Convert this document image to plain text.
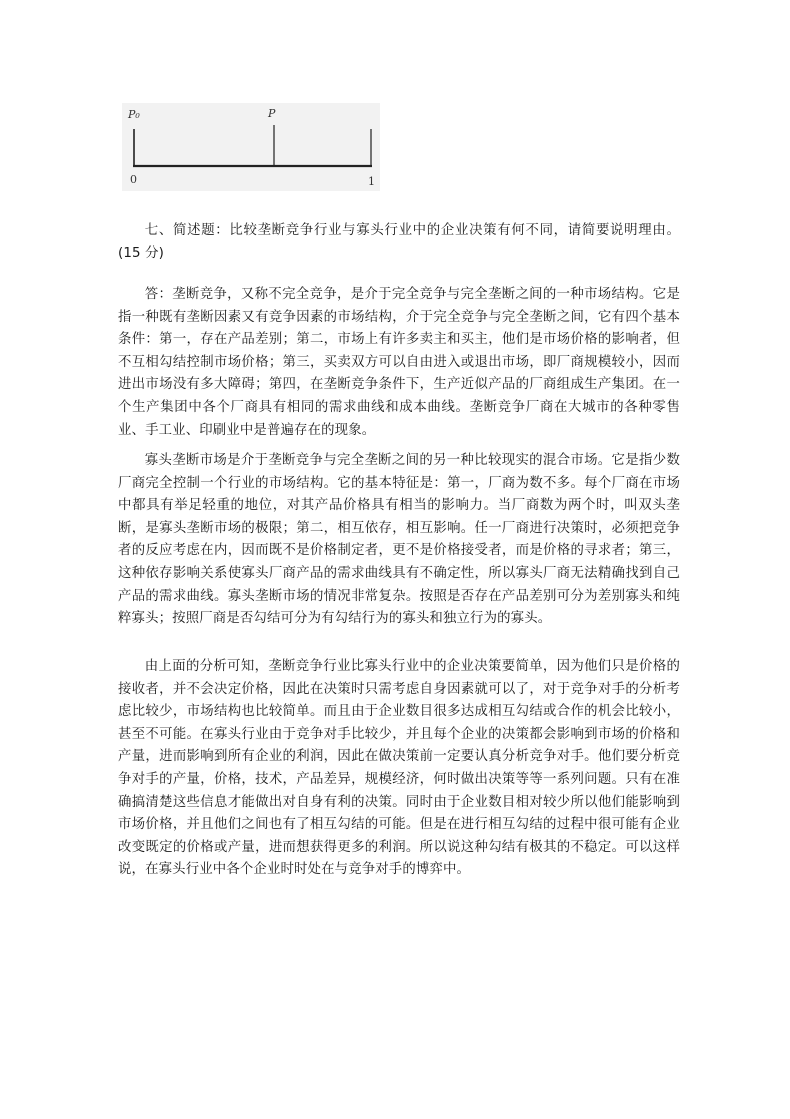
P₀	P
0	1

七、简述题：比较垄断竞争行业与寡头行业中的企业决策有何不同，请简要说明理由。(15 分)

答：垄断竞争，又称不完全竞争，是介于完全竞争与完全垄断之间的一种市场结构。它是指一种既有垄断因素又有竞争因素的市场结构，介于完全竞争与完全垄断之间，它有四个基本条件：第一，存在产品差别；第二，市场上有许多卖主和买主，他们是市场价格的影响者，但不互相勾结控制市场价格；第三，买卖双方可以自由进入或退出市场，即厂商规模较小，因而进出市场没有多大障碍；第四，在垄断竞争条件下，生产近似产品的厂商组成生产集团。在一个生产集团中各个厂商具有相同的需求曲线和成本曲线。垄断竞争厂商在大城市的各种零售业、手工业、印刷业中是普遍存在的现象。

寡头垄断市场是介于垄断竞争与完全垄断之间的另一种比较现实的混合市场。它是指少数厂商完全控制一个行业的市场结构。它的基本特征是：第一，厂商为数不多。每个厂商在市场中都具有举足轻重的地位，对其产品价格具有相当的影响力。当厂商数为两个时，叫双头垄断，是寡头垄断市场的极限；第二，相互依存，相互影响。任一厂商进行决策时，必须把竞争者的反应考虑在内，因而既不是价格制定者，更不是价格接受者，而是价格的寻求者；第三，这种依存影响关系使寡头厂商产品的需求曲线具有不确定性，所以寡头厂商无法精确找到自己产品的需求曲线。寡头垄断市场的情况非常复杂。按照是否存在产品差别可分为差别寡头和纯粹寡头；按照厂商是否勾结可分为有勾结行为的寡头和独立行为的寡头。

由上面的分析可知，垄断竞争行业比寡头行业中的企业决策要简单，因为他们只是价格的接收者，并不会决定价格，因此在决策时只需考虑自身因素就可以了，对于竞争对手的分析考虑比较少，市场结构也比较简单。而且由于企业数目很多达成相互勾结或合作的机会比较小，甚至不可能。在寡头行业由于竞争对手比较少，并且每个企业的决策都会影响到市场的价格和产量，进而影响到所有企业的利润，因此在做决策前一定要认真分析竞争对手。他们要分析竞争对手的产量，价格，技术，产品差异，规模经济，何时做出决策等等一系列问题。只有在准确搞清楚这些信息才能做出对自身有利的决策。同时由于企业数目相对较少所以他们能影响到市场价格，并且他们之间也有了相互勾结的可能。但是在进行相互勾结的过程中很可能有企业改变既定的价格或产量，进而想获得更多的利润。所以说这种勾结有极其的不稳定。可以这样说，在寡头行业中各个企业时时处在与竞争对手的博弈中。
